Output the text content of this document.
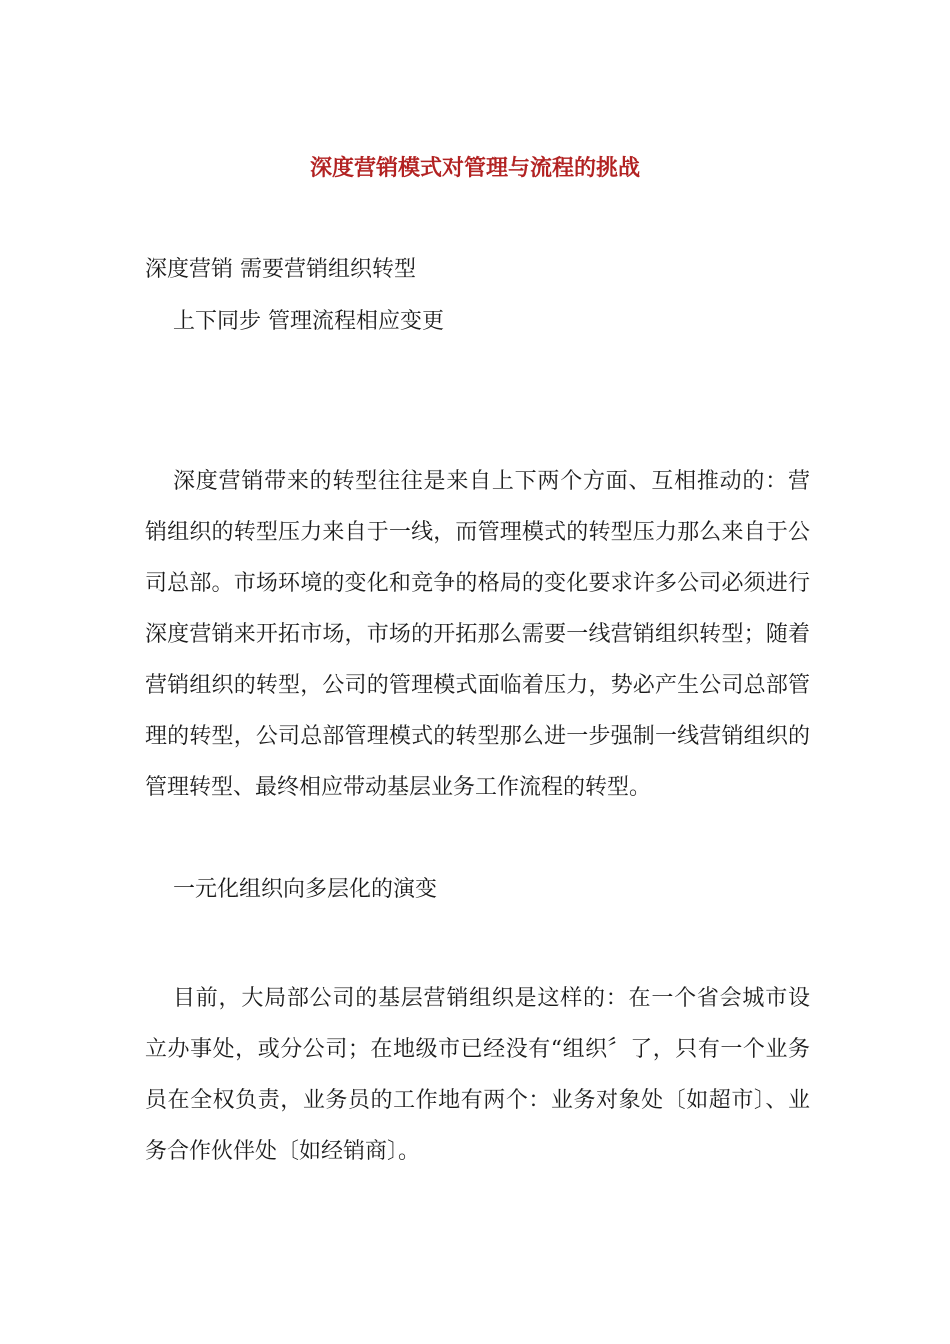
深度营销模式对管理与流程的挑战

深度营销 需要营销组织转型

上下同步 管理流程相应变更

深度营销带来的转型往往是来自上下两个方面、互相推动的：营销组织的转型压力来自于一线，而管理模式的转型压力那么来自于公司总部。市场环境的变化和竞争的格局的变化要求许多公司必须进行深度营销来开拓市场，市场的开拓那么需要一线营销组织转型；随着营销组织的转型，公司的管理模式面临着压力，势必产生公司总部管理的转型，公司总部管理模式的转型那么进一步强制一线营销组织的管理转型、最终相应带动基层业务工作流程的转型。

一元化组织向多层化的演变

目前，大局部公司的基层营销组织是这样的：在一个省会城市设立办事处，或分公司；在地级市已经没有“组织〞了，只有一个业务员在全权负责，业务员的工作地有两个：业务对象处〔如超市〕、业务合作伙伴处〔如经销商〕。
